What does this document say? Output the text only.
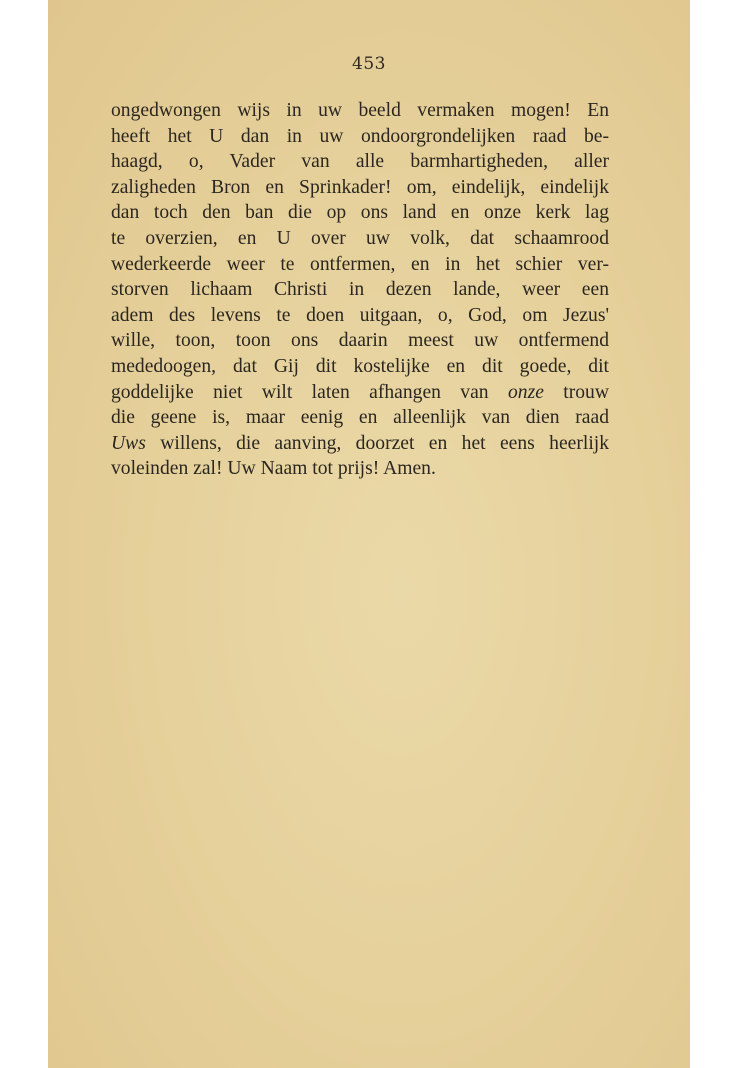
453
ongedwongen wijs in uw beeld vermaken mogen! En
heeft het U dan in uw ondoorgrondelijken raad be-
haagd, o, Vader van alle barmhartigheden, aller
zaligheden Bron en Sprinkader! om, eindelijk, eindelijk
dan toch den ban die op ons land en onze kerk lag
te overzien, en U over uw volk, dat schaamrood
wederkeerde weer te ontfermen, en in het schier ver-
storven lichaam Christi in dezen lande, weer een
adem des levens te doen uitgaan, o, God, om Jezus'
wille, toon, toon ons daarin meest uw ontfermend
mededoogen, dat Gij dit kostelijke en dit goede, dit
goddelijke niet wilt laten afhangen van onze trouw
die geene is, maar eenig en alleenlijk van dien raad
Uws willens, die aanving, doorzet en het eens heerlijk
voleinden zal! Uw Naam tot prijs! Amen.
